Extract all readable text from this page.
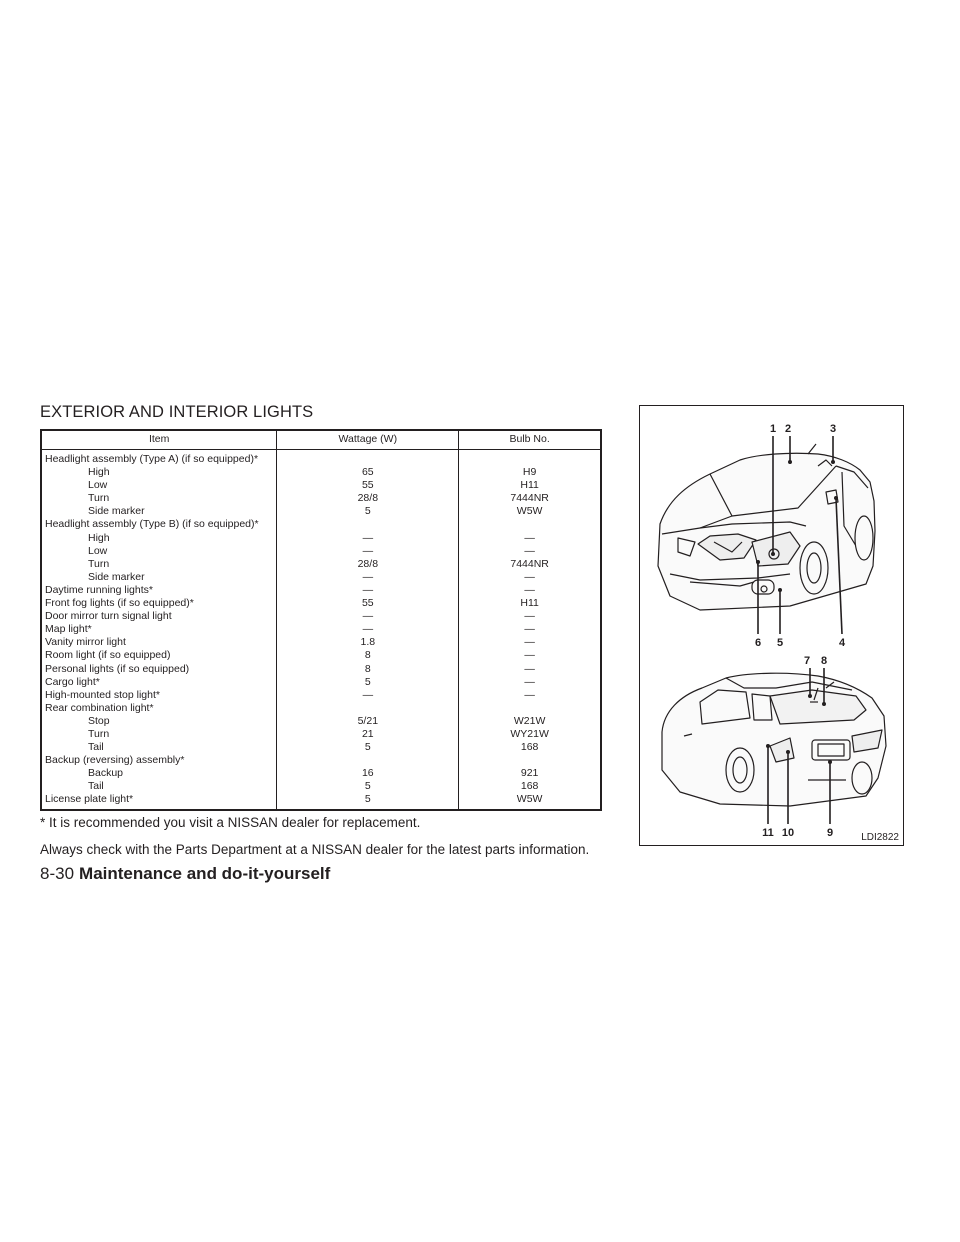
EXTERIOR AND INTERIOR LIGHTS
Item	Wattage (W)	Bulb No.
Headlight assembly (Type A) (if so equipped)*		
High	65	H9
Low	55	H11
Turn	28/8	7444NR
Side marker	5	W5W
Headlight assembly (Type B) (if so equipped)*		
High	—	—
Low	—	—
Turn	28/8	7444NR
Side marker	—	—
Daytime running lights*	—	—
Front fog lights (if so equipped)*	55	H11
Door mirror turn signal light	—	—
Map light*	—	—
Vanity mirror light	1.8	—
Room light (if so equipped)	8	—
Personal lights (if so equipped)	8	—
Cargo light*	5	—
High-mounted stop light*	—	—
Rear combination light*		
Stop	5/21	W21W
Turn	21	WY21W
Tail	5	168
Backup (reversing) assembly*		
Backup	16	921
Tail	5	168
License plate light*	5	W5W

* It is recommended you visit a NISSAN dealer for replacement.

Always check with the Parts Department at a NISSAN dealer for the latest parts information.

1 2	3
4
5
6
7 8
9
10
11	LDI2822
8-30 Maintenance and do-it-yourself
